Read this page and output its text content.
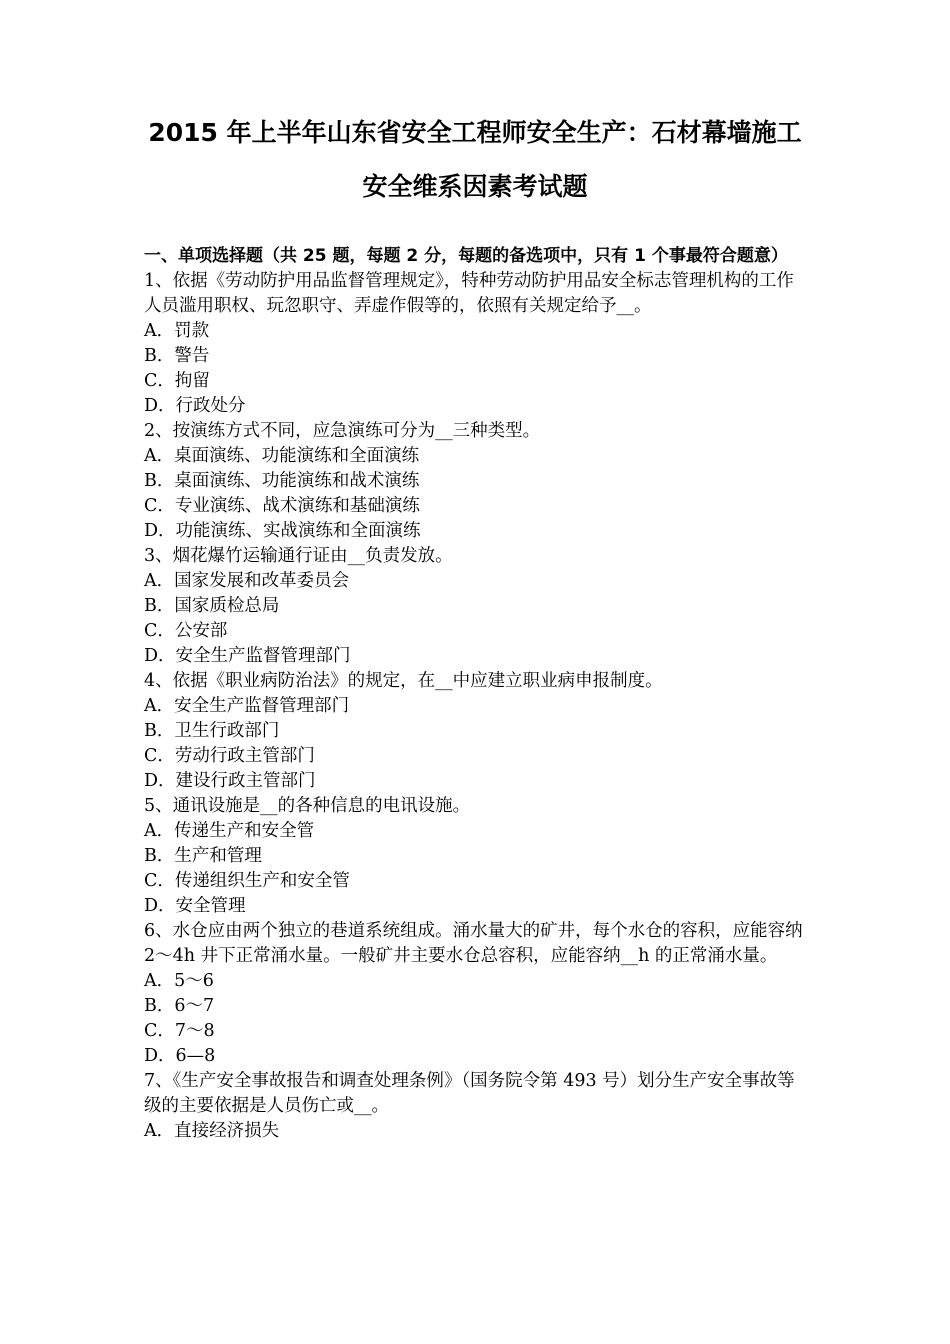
2015 年上半年山东省安全工程师安全生产：石材幕墙施工
安全维系因素考试题
一、单项选择题（共 25 题，每题 2 分，每题的备选项中，只有 1 个事最符合题意）
1、依据《劳动防护用品监督管理规定》，特种劳动防护用品安全标志管理机构的工作人员滥用职权、玩忽职守、弄虚作假等的，依照有关规定给予__。
A．罚款
B．警告
C．拘留
D．行政处分
2、按演练方式不同，应急演练可分为__三种类型。
A．桌面演练、功能演练和全面演练
B．桌面演练、功能演练和战术演练
C．专业演练、战术演练和基础演练
D．功能演练、实战演练和全面演练
3、烟花爆竹运输通行证由__负责发放。
A．国家发展和改革委员会
B．国家质检总局
C．公安部
D．安全生产监督管理部门
4、依据《职业病防治法》的规定，在__中应建立职业病申报制度。
A．安全生产监督管理部门
B．卫生行政部门
C．劳动行政主管部门
D．建设行政主管部门
5、通讯设施是__的各种信息的电讯设施。
A．传递生产和安全管
B．生产和管理
C．传递组织生产和安全管
D．安全管理
6、水仓应由两个独立的巷道系统组成。涌水量大的矿井，每个水仓的容积，应能容纳 2～4h 井下正常涌水量。一般矿井主要水仓总容积，应能容纳__h 的正常涌水量。
A．5～6
B．6～7
C．7～8
D．6—8
7、《生产安全事故报告和调查处理条例》（国务院令第 493 号）划分生产安全事故等级的主要依据是人员伤亡或__。
A．直接经济损失
